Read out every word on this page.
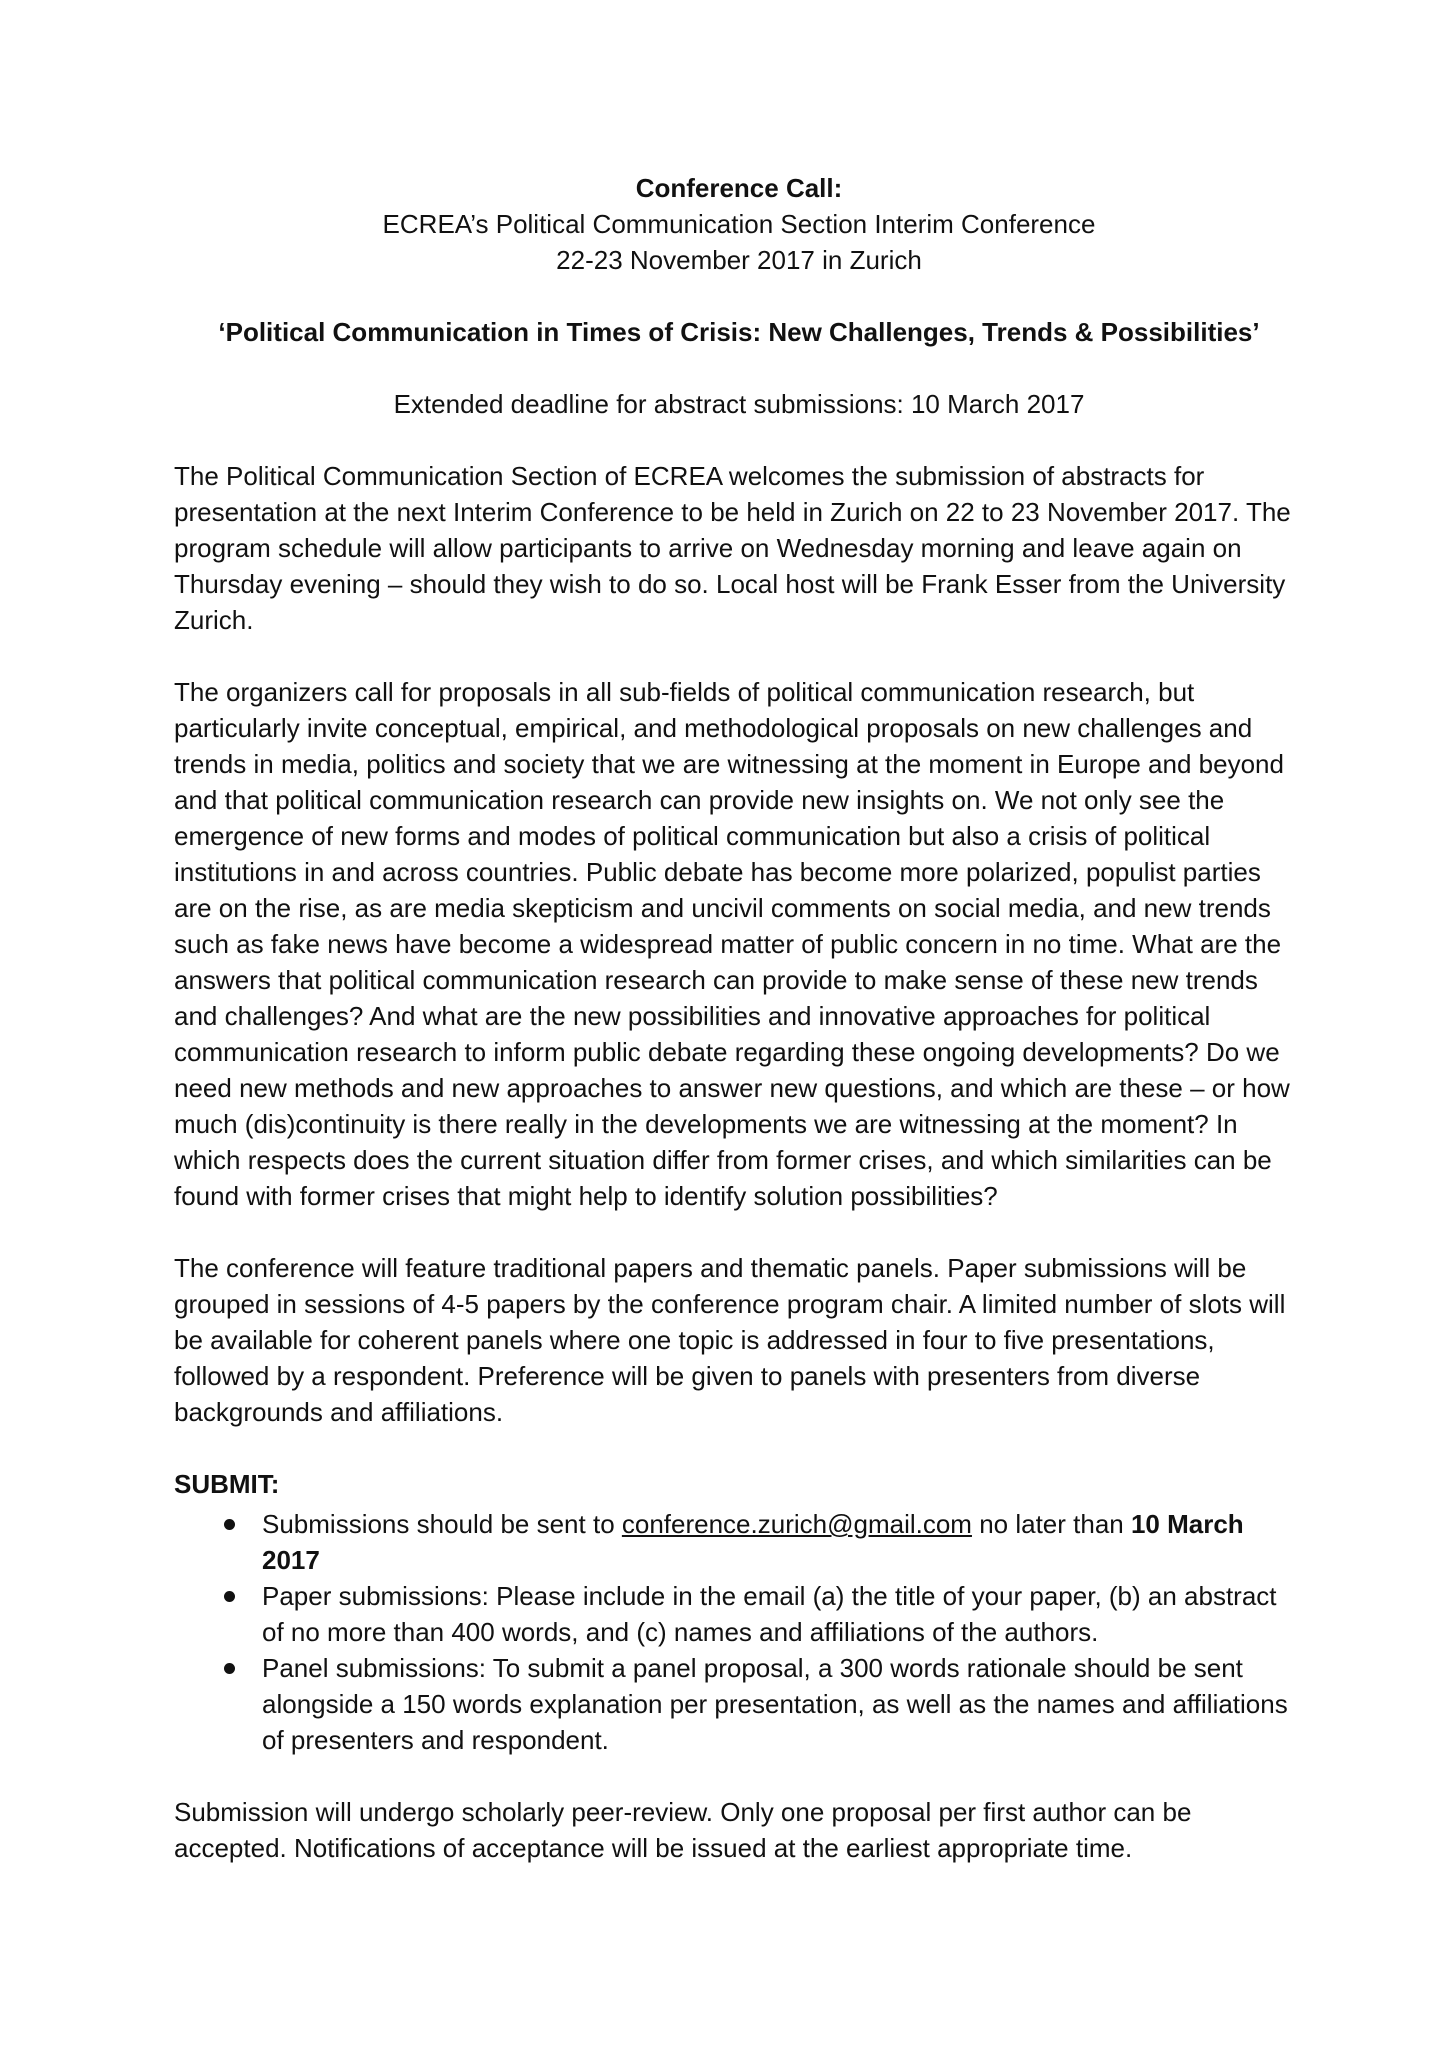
Conference Call:

ECREA’s Political Communication Section Interim Conference

22-23 November 2017 in Zurich

‘Political Communication in Times of Crisis: New Challenges, Trends & Possibilities’

Extended deadline for abstract submissions: 10 March 2017

The Political Communication Section of ECREA welcomes the submission of abstracts for presentation at the next Interim Conference to be held in Zurich on 22 to 23 November 2017. The program schedule will allow participants to arrive on Wednesday morning and leave again on Thursday evening – should they wish to do so. Local host will be Frank Esser from the University Zurich.

The organizers call for proposals in all sub-fields of political communication research, but particularly invite conceptual, empirical, and methodological proposals on new challenges and trends in media, politics and society that we are witnessing at the moment in Europe and beyond and that political communication research can provide new insights on. We not only see the emergence of new forms and modes of political communication but also a crisis of political institutions in and across countries. Public debate has become more polarized, populist parties are on the rise, as are media skepticism and uncivil comments on social media, and new trends such as fake news have become a widespread matter of public concern in no time. What are the answers that political communication research can provide to make sense of these new trends and challenges? And what are the new possibilities and innovative approaches for political communication research to inform public debate regarding these ongoing developments? Do we need new methods and new approaches to answer new questions, and which are these – or how much (dis)continuity is there really in the developments we are witnessing at the moment? In which respects does the current situation differ from former crises, and which similarities can be found with former crises that might help to identify solution possibilities?

The conference will feature traditional papers and thematic panels. Paper submissions will be grouped in sessions of 4-5 papers by the conference program chair. A limited number of slots will be available for coherent panels where one topic is addressed in four to five presentations, followed by a respondent. Preference will be given to panels with presenters from diverse backgrounds and affiliations.

SUBMIT:

Submissions should be sent to conference.zurich@gmail.com no later than 10 March 2017
Paper submissions: Please include in the email (a) the title of your paper, (b) an abstract of no more than 400 words, and (c) names and affiliations of the authors.
Panel submissions: To submit a panel proposal, a 300 words rationale should be sent alongside a 150 words explanation per presentation, as well as the names and affiliations of presenters and respondent.

Submission will undergo scholarly peer-review. Only one proposal per first author can be accepted. Notifications of acceptance will be issued at the earliest appropriate time.
